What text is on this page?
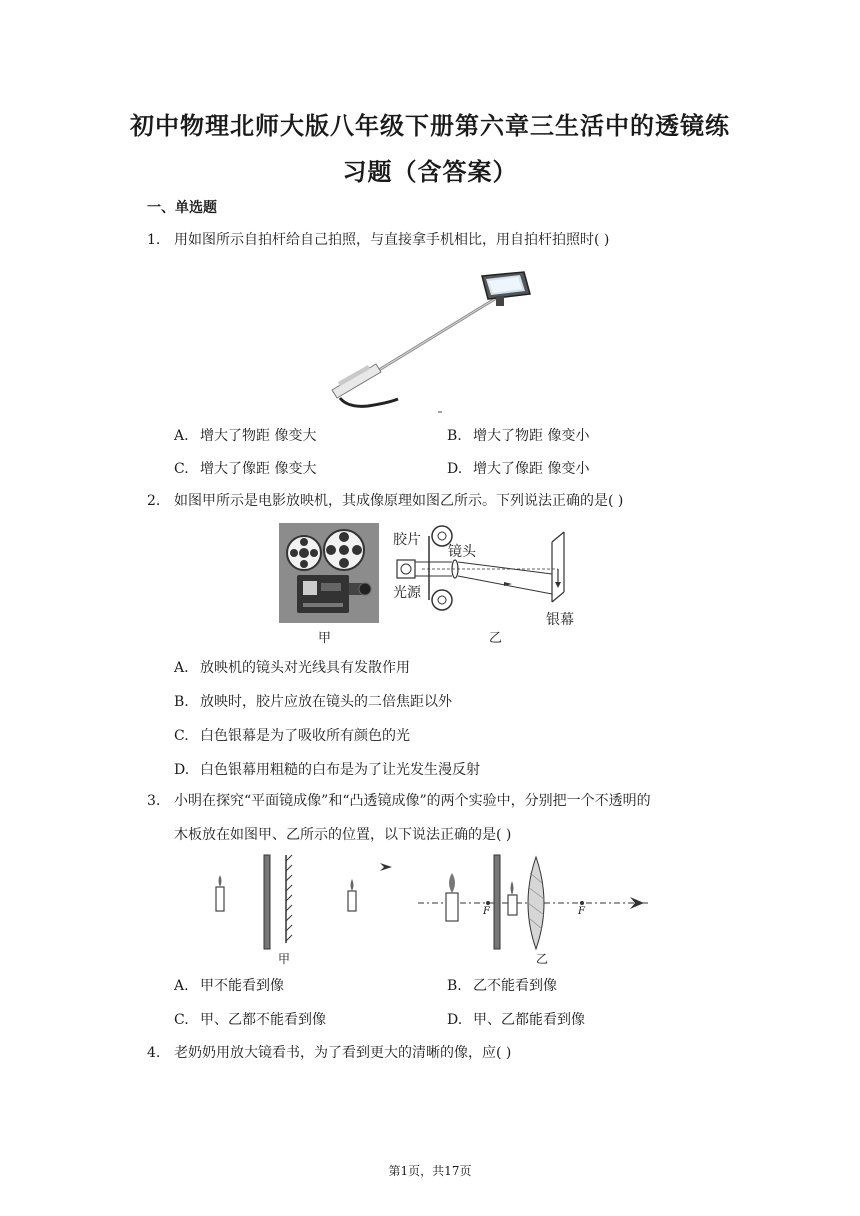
初中物理北师大版八年级下册第六章三生活中的透镜练
习题（含答案）
一、单选题
1. 用如图所示自拍杆给自己拍照，与直接拿手机相比，用自拍杆拍照时( )
A. 增大了物距 像变大	B. 增大了物距 像变小
C. 增大了像距 像变大	D. 增大了像距 像变小
2. 如图甲所示是电影放映机，其成像原理如图乙所示。下列说法正确的是( )
甲
胶片
镜头
光源
银幕
乙
A. 放映机的镜头对光线具有发散作用
B. 放映时，胶片应放在镜头的二倍焦距以外
C. 白色银幕是为了吸收所有颜色的光
D. 白色银幕用粗糙的白布是为了让光发生漫反射
3. 小明在探究“平面镜成像”和“凸透镜成像”的两个实验中，分别把一个不透明的
木板放在如图甲、乙所示的位置，以下说法正确的是( )
甲
F	F
乙
A. 甲不能看到像	B. 乙不能看到像
C. 甲、乙都不能看到像	D. 甲、乙都能看到像
4. 老奶奶用放大镜看书，为了看到更大的清晰的像，应( )
第1页，共17页
